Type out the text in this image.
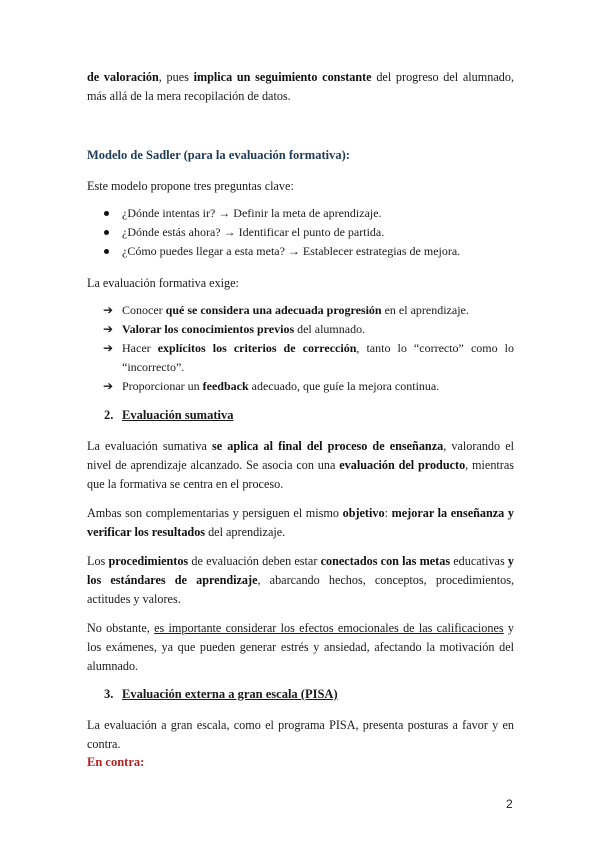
de valoración, pues implica un seguimiento constante del progreso del alumnado, más allá de la mera recopilación de datos.

Modelo de Sadler (para la evaluación formativa):

Este modelo propone tres preguntas clave:

¿Dónde intentas ir? → Definir la meta de aprendizaje.
¿Dónde estás ahora? → Identificar el punto de partida.
¿Cómo puedes llegar a esta meta? → Establecer estrategias de mejora.

La evaluación formativa exige:

➔ Conocer qué se considera una adecuada progresión en el aprendizaje.
➔ Valorar los conocimientos previos del alumnado.
➔ Hacer explícitos los criterios de corrección, tanto lo “correcto” como lo “incorrecto”.
➔ Proporcionar un feedback adecuado, que guíe la mejora continua.
2. Evaluación sumativa

La evaluación sumativa se aplica al final del proceso de enseñanza, valorando el nivel de aprendizaje alcanzado. Se asocia con una evaluación del producto, mientras que la formativa se centra en el proceso.

Ambas son complementarias y persiguen el mismo objetivo: mejorar la enseñanza y verificar los resultados del aprendizaje.

Los procedimientos de evaluación deben estar conectados con las metas educativas y los estándares de aprendizaje, abarcando hechos, conceptos, procedimientos, actitudes y valores.

No obstante, es importante considerar los efectos emocionales de las calificaciones y los exámenes, ya que pueden generar estrés y ansiedad, afectando la motivación del alumnado.

3. Evaluación externa a gran escala (PISA)

La evaluación a gran escala, como el programa PISA, presenta posturas a favor y en contra.

En contra:
2
